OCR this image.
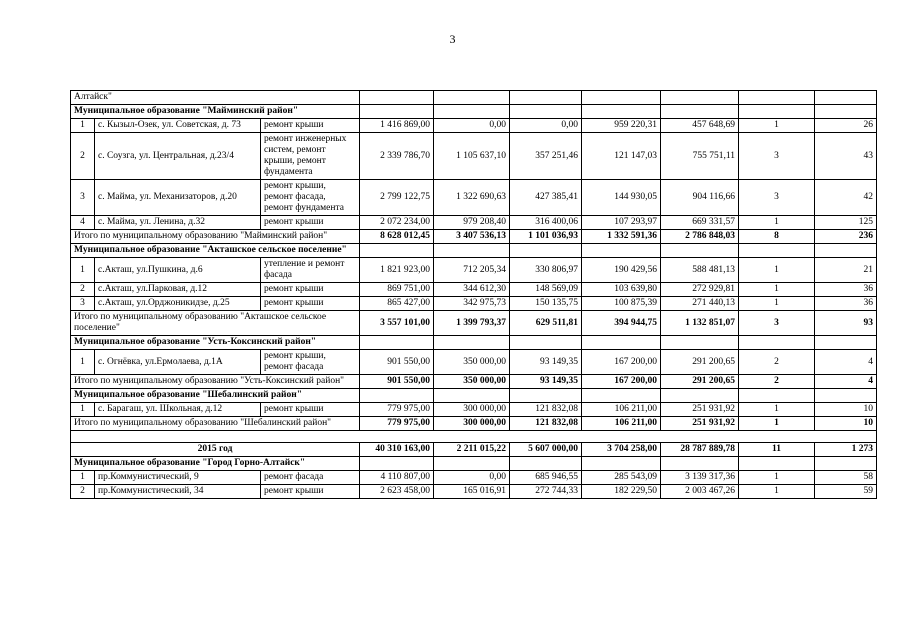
3
Алтайск"									
Муниципальное образование "Майминский район"									
1	с. Кызыл-Озек, ул. Советская, д. 73	ремонт крыши	1 416 869,00	0,00	0,00	959 220,31	457 648,69	1	26
2	с. Соузга, ул. Центральная, д.23/4	ремонт инженерных систем, ремонт крыши, ремонт фундамента	2 339 786,70	1 105 637,10	357 251,46	121 147,03	755 751,11	3	43
3	с. Майма, ул. Механизаторов, д.20	ремонт крыши, ремонт фасада, ремонт фундамента	2 799 122,75	1 322 690,63	427 385,41	144 930,05	904 116,66	3	42
4	с. Майма, ул. Ленина, д.32	ремонт крыши	2 072 234,00	979 208,40	316 400,06	107 293,97	669 331,57	1	125
Итого по муниципальному образованию "Майминский район"			8 628 012,45	3 407 536,13	1 101 036,93	1 332 591,36	2 786 848,03	8	236
Муниципальное образование "Акташское сельское поселение"									
1	с.Акташ, ул.Пушкина, д.6	утепление и ремонт фасада	1 821 923,00	712 205,34	330 806,97	190 429,56	588 481,13	1	21
2	с.Акташ, ул.Парковая, д.12	ремонт крыши	869 751,00	344 612,30	148 569,09	103 639,80	272 929,81	1	36
3	с.Акташ, ул.Орджоникидзе, д.25	ремонт крыши	865 427,00	342 975,73	150 135,75	100 875,39	271 440,13	1	36
Итого по муниципальному образованию "Акташское сельское поселение"			3 557 101,00	1 399 793,37	629 511,81	394 944,75	1 132 851,07	3	93
Муниципальное образование "Усть-Коксинский район"									
1	с. Огнёвка, ул.Ермолаева, д.1А	ремонт крыши, ремонт фасада	901 550,00	350 000,00	93 149,35	167 200,00	291 200,65	2	4
Итого по муниципальному образованию "Усть-Коксинский район"			901 550,00	350 000,00	93 149,35	167 200,00	291 200,65	2	4
Муниципальное образование "Шебалинский район"									
1	с. Барагаш, ул. Школьная, д.12	ремонт крыши	779 975,00	300 000,00	121 832,08	106 211,00	251 931,92	1	10
Итого по муниципальному образованию "Шебалинский район"			779 975,00	300 000,00	121 832,08	106 211,00	251 931,92	1	10

2015 год			40 310 163,00	2 211 015,22	5 607 000,00	3 704 258,00	28 787 889,78	11	1 273
Муниципальное образование "Город Горно-Алтайск"									
1	пр.Коммунистический, 9	ремонт фасада	4 110 807,00	0,00	685 946,55	285 543,09	3 139 317,36	1	58
2	пр.Коммунистический, 34	ремонт крыши	2 623 458,00	165 016,91	272 744,33	182 229,50	2 003 467,26	1	59
